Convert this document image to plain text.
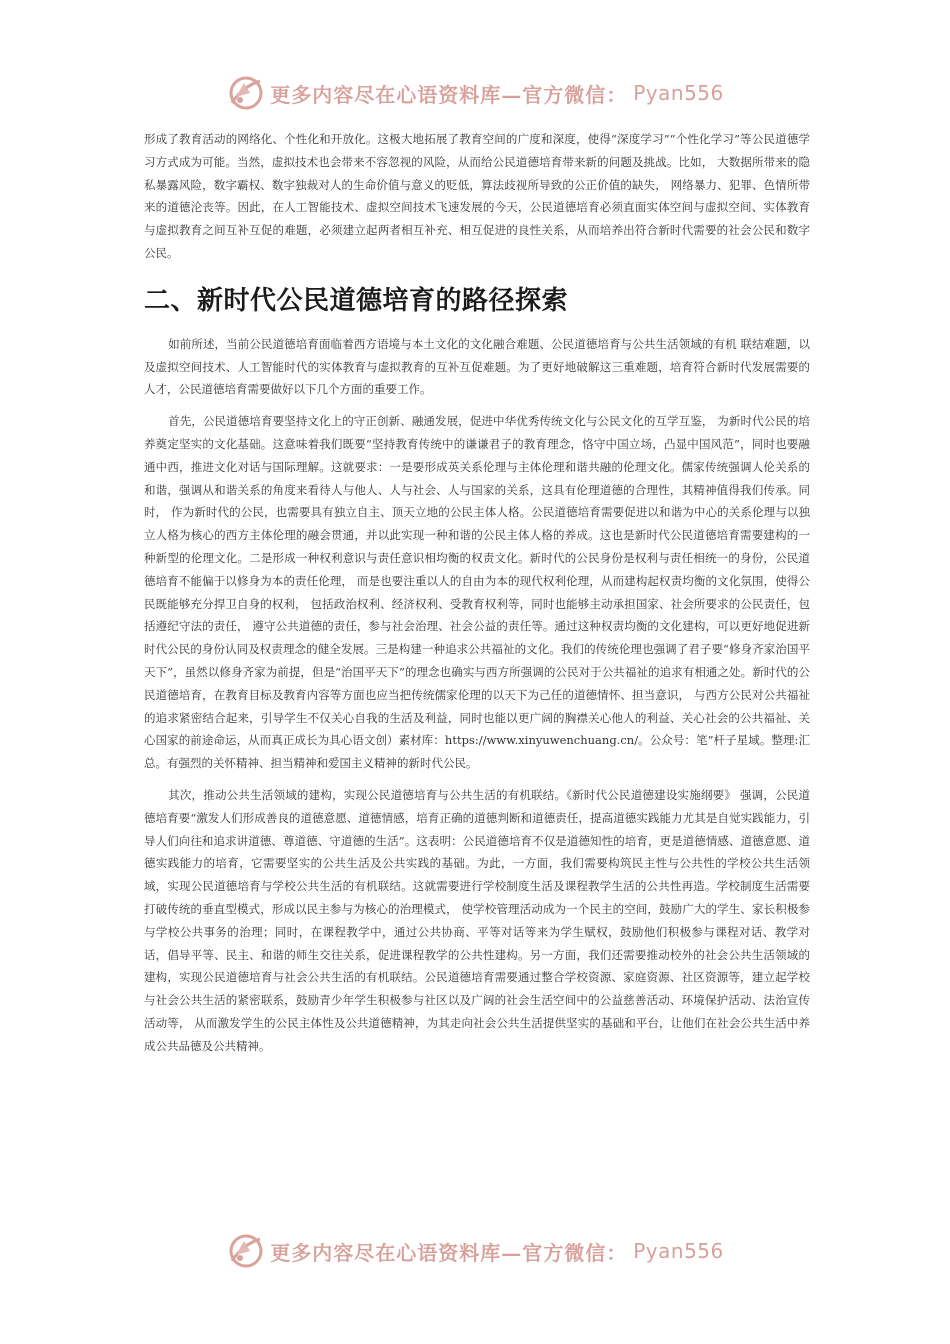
更多内容尽在心语资料库—官方微信： Pyan556

形成了教育活动的网络化、个性化和开放化。这极大地拓展了教育空间的广度和深度，使得“深度学习”“个性化学习”等公民道德学习方式成为可能。当然，虚拟技术也会带来不容忽视的风险，从而给公民道德培育带来新的问题及挑战。比如， 大数据所带来的隐私暴露风险，数字霸权、数字独裁对人的生命价值与意义的贬低，算法歧视所导致的公正价值的缺失， 网络暴力、犯罪、色情所带来的道德沦丧等。因此，在人工智能技术、虚拟空间技术飞速发展的今天，公民道德培育必须直面实体空间与虚拟空间、实体教育与虚拟教育之间互补互促的难题，必须建立起两者相互补充、相互促进的良性关系，从而培养出符合新时代需要的社会公民和数字公民。

二、新时代公民道德培育的路径探索

如前所述，当前公民道德培育面临着西方语境与本土文化的文化融合难题、公民道德培育与公共生活领域的有机 联结难题，以及虚拟空间技术、人工智能时代的实体教育与虚拟教育的互补互促难题。为了更好地破解这三重难题，培育符合新时代发展需要的人才，公民道德培育需要做好以下几个方面的重要工作。

首先，公民道德培育要坚持文化上的守正创新、融通发展，促进中华优秀传统文化与公民文化的互学互鉴， 为新时代公民的培养奠定坚实的文化基础。这意味着我们既要“坚持教育传统中的谦谦君子的教育理念，恪守中国立场，凸显中国风范”，同时也要融通中西，推进文化对话与国际理解。这就要求：一是要形成英关系伦理与主体伦理和谐共融的伦理文化。儒家传统强调人伦关系的和谐，强调从和谐关系的角度来看待人与他人、人与社会、人与国家的关系，这具有伦理道德的合理性，其精神值得我们传承。同时， 作为新时代的公民，也需要具有独立自主、顶天立地的公民主体人格。公民道德培育需要促进以和谐为中心的关系伦理与以独立人格为核心的西方主体伦理的融会贯通，并以此实现一种和谐的公民主体人格的养成。这也是新时代公民道德培育需要建构的一种新型的伦理文化。二是形成一种权利意识与责任意识相均衡的权责文化。新时代的公民身份是权利与责任相统一的身份，公民道德培育不能偏于以修身为本的责任伦理， 而是也要注重以人的自由为本的现代权利伦理，从而建构起权责均衡的文化氛围，使得公民既能够充分捍卫自身的权利， 包括政治权利、经济权利、受教育权利等，同时也能够主动承担国家、社会所要求的公民责任，包括遵纪守法的责任， 遵守公共道德的责任，参与社会治理、社会公益的责任等。通过这种权责均衡的文化建构，可以更好地促进新时代公民的身份认同及权责理念的健全发展。三是构建一种追求公共福祉的文化。我们的传统伦理也强调了君子要“修身齐家治国平天下”，虽然以修身齐家为前提，但是“治国平天下”的理念也确实与西方所强调的公民对于公共福祉的追求有相通之处。新时代的公民道德培育，在教育目标及教育内容等方面也应当把传统儒家伦理的以天下为己任的道德情怀、担当意识， 与西方公民对公共福祉的追求紧密结合起来，引导学生不仅关心自我的生活及利益，同时也能以更广阔的胸襟关心他人的利益、关心社会的公共福祉、关心国家的前途命运，从而真正成长为具心语文创）素材库：https://www.xinyuwenchuang.cn/。公众号：笔”杆子星域。整理:汇总。有强烈的关怀精神、担当精神和爱国主义精神的新时代公民。

其次，推动公共生活领域的建构，实现公民道德培育与公共生活的有机联结。《新时代公民道德建设实施纲要》 强调，公民道德培育要“激发人们形成善良的道德意愿、道德情感，培育正确的道德判断和道德责任，提高道德实践能力尤其是自觉实践能力，引导人们向往和追求讲道德、尊道德、守道德的生活”。这表明：公民道德培育不仅是道德知性的培育，更是道德情感、道德意愿、道德实践能力的培育，它需要坚实的公共生活及公共实践的基础。为此，一方面，我们需要构筑民主性与公共性的学校公共生活领域，实现公民道德培育与学校公共生活的有机联结。这就需要进行学校制度生活及课程教学生活的公共性再造。学校制度生活需要打破传统的垂直型模式，形成以民主参与为核心的治理模式， 使学校管理活动成为一个民主的空间，鼓励广大的学生、家长积极参与学校公共事务的治理；同时，在课程教学中，通过公共协商、平等对话等来为学生赋权，鼓励他们积极参与课程对话、教学对话，倡导平等、民主、和谐的师生交往关系，促进课程教学的公共性建构。另一方面，我们还需要推动校外的社会公共生活领域的建构，实现公民道德培育与社会公共生活的有机联结。公民道德培育需要通过整合学校资源、家庭资源、社区资源等，建立起学校与社会公共生活的紧密联系，鼓励青少年学生积极参与社区以及广阔的社会生活空间中的公益慈善活动、环境保护活动、法治宣传活动等， 从而激发学生的公民主体性及公共道德精神，为其走向社会公共生活提供坚实的基础和平台，让他们在社会公共生活中养成公共品德及公共精神。

更多内容尽在心语资料库—官方微信： Pyan556
